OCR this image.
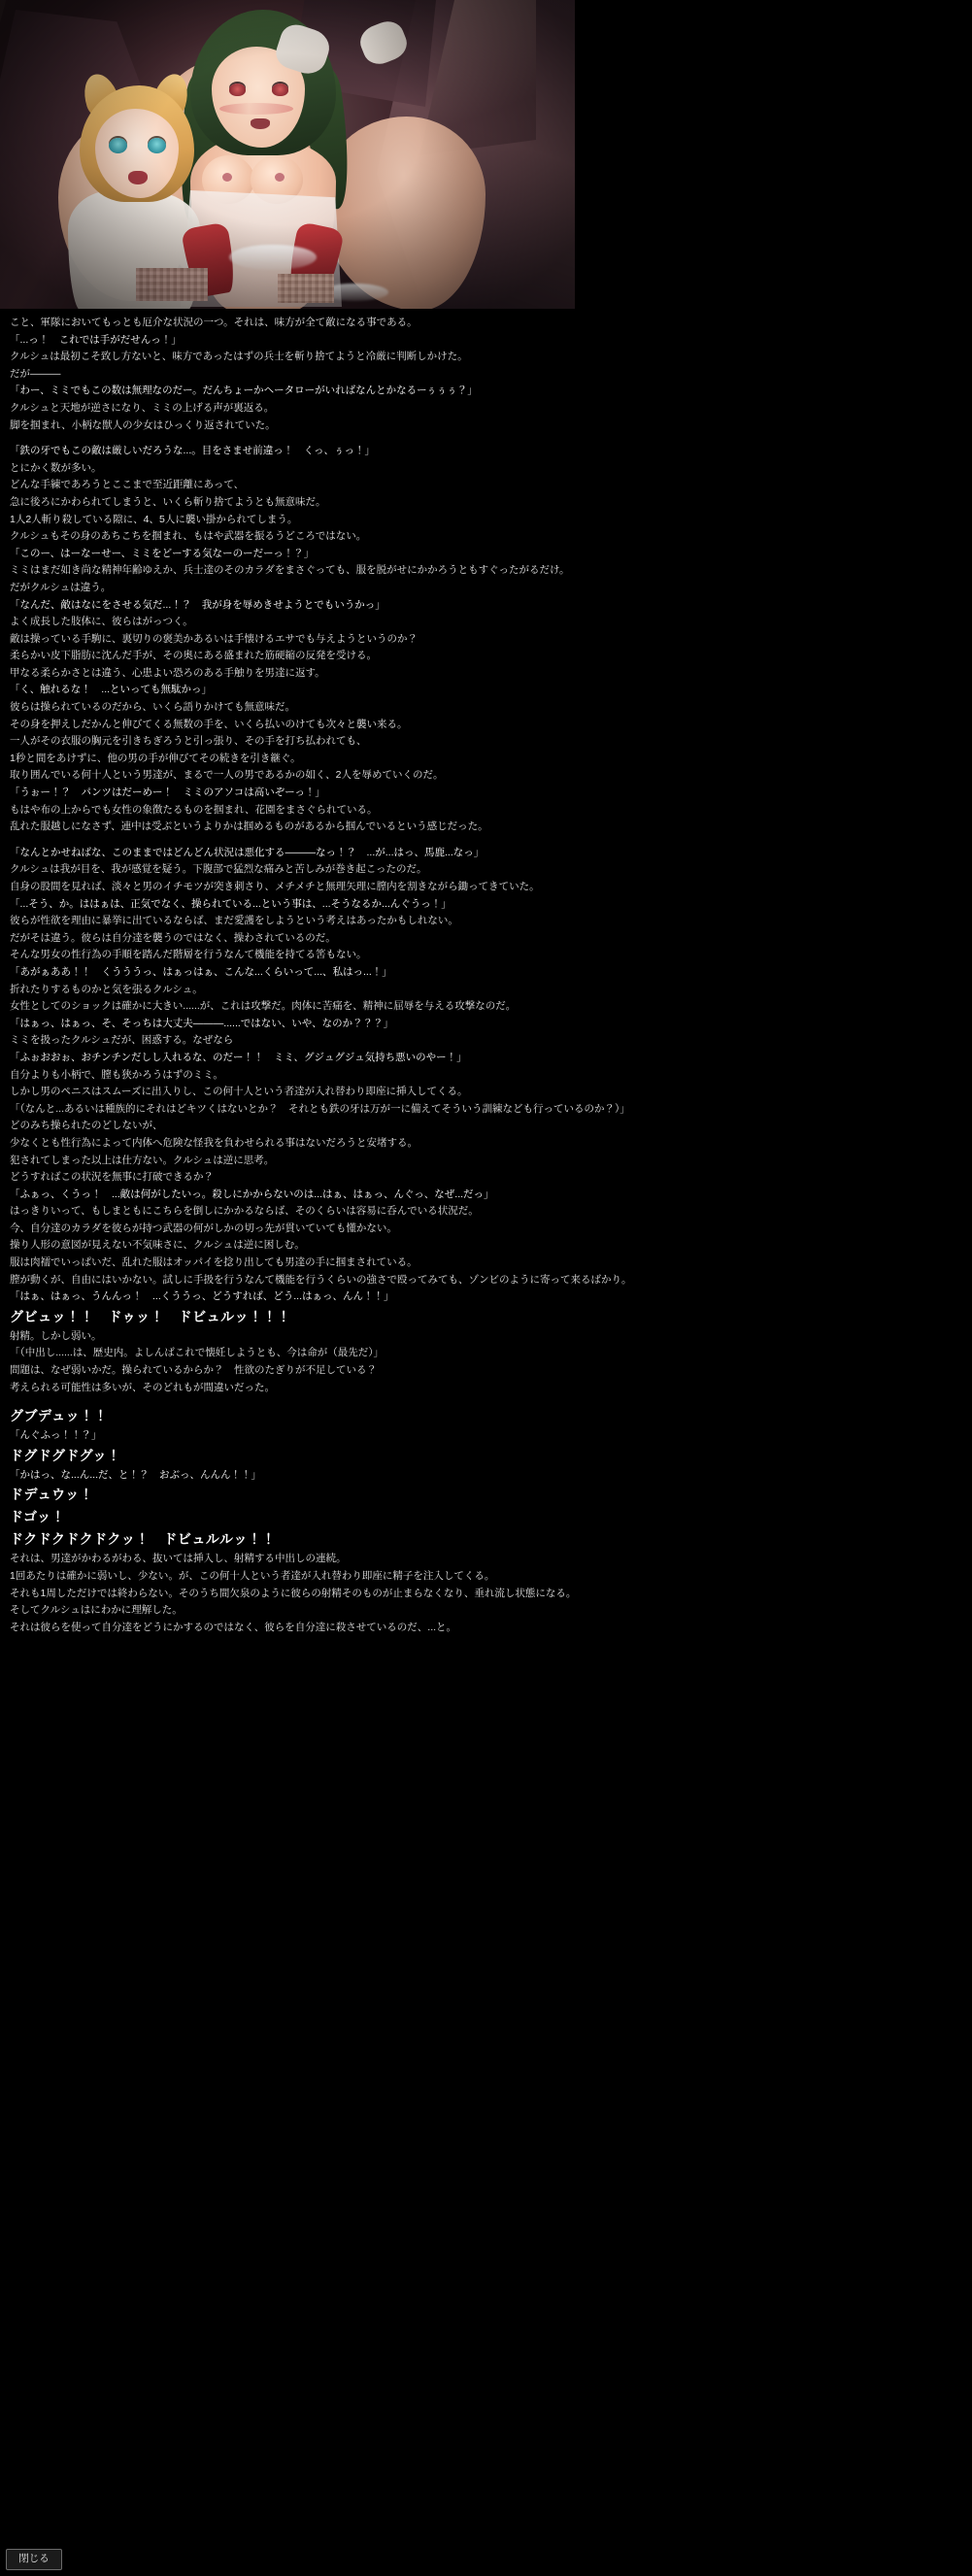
こと、軍隊においてもっとも厄介な状況の一つ。それは、味方が全て敵になる事である。
「...っ！　これでは手がだせんっ！」
クルシュは最初こそ致し方ないと、味方であったはずの兵士を斬り捨てようと冷厳に判断しかけた。
だが———
「わー、ミミでもこの数は無理なのだー。だんちょーかヘータローがいればなんとかなるーぅぅぅ？」
クルシュと天地が逆さになり、ミミの上げる声が裏返る。
脚を掴まれ、小柄な獣人の少女はひっくり返されていた。
「鉄の牙でもこの敵は厳しいだろうな...。目をさませ前違っ！　くっ、ぅっ！」
とにかく数が多い。
どんな手練であろうとここまで至近距離にあって、
急に後ろにかわられてしまうと、いくら斬り捨てようとも無意味だ。
1人2人斬り殺している隙に、4、5人に襲い掛かられてしまう。
クルシュもその身のあちこちを掴まれ、もはや武器を振るうどころではない。
「このー、はーなーせー、ミミをどーする気なーのーだーっ！？」
ミミはまだ如き尚な精神年齢ゆえか、兵士達のそのカラダをまさぐっても、服を脱がせにかかろうともすぐったがるだけ。
だがクルシュは違う。
「なんだ、敵はなにをさせる気だ...！？　我が身を辱めきせようとでもいうかっ」
よく成長した肢体に、彼らはがっつく。
敵は操っている手駒に、裏切りの褒美かあるいは手懐けるエサでも与えようというのか？
柔らかい皮下脂肪に沈んだ手が、その奥にある盛まれた筋硬縮の反発を受ける。
甲なる柔らかさとは違う、心患よい恐ろのある手触りを男達に返す。
「く、触れるな！　...といっても無駄かっ」
彼らは操られているのだから、いくら語りかけても無意味だ。
その身を押えしだかんと伸びてくる無数の手を、いくら払いのけても次々と襲い来る。
一人がその衣服の胸元を引きちぎろうと引っ張り、その手を打ち払われても、
1秒と間をあけずに、他の男の手が伸びてその続きを引き継ぐ。
取り囲んでいる何十人という男達が、まるで一人の男であるかの如く、2人を辱めていくのだ。
「うぉー！？　パンツはだーめー！　ミミのアソコは高いぞーっ！」
もはや布の上からでも女性の象徴たるものを掴まれ、花園をまさぐられている。
乱れた服越しになさず、連中は受ぶというよりかは掴めるものがあるから掴んでいるという感じだった。
「なんとかせねばな、このままではどんどん状況は悪化する———なっ！？　...が...はっ、馬鹿...なっ」
クルシュは我が目を、我が感覚を疑う。下腹部で猛烈な痛みと苦しみが巻き起こったのだ。
自身の股間を見れば、淡々と男のイチモツが突き刺さり、メチメチと無理矢理に膣内を割きながら鋤ってきていた。
「...そう、か。ははぁは、正気でなく、操られている...という事は、...そうなるか...んぐうっ！」
彼らが性欲を理由に暴挙に出ているならば、まだ愛護をしようという考えはあったかもしれない。
だがそは違う。彼らは自分達を襲うのではなく、操わされているのだ。
そんな男女の性行為の手順を踏んだ階層を行うなんて機能を持てる筈もない。
「あがぁああ！！　くうううっ、はぁっはぁ、こんな...くらいって...、私はっ...！」
折れたりするものかと気を張るクルシュ。
女性としてのショックは確かに大きい......が、これは攻撃だ。肉体に苦痛を、精神に屈辱を与える攻撃なのだ。
「はぁっ、はぁっ、そ、そっちは大丈夫———......ではない、いや、なのか？？？」
ミミを扱ったクルシュだが、困惑する。なぜなら
「ふぉおおぉ、おチンチンだしし入れるな、のだー！！　ミミ、グジュグジュ気持ち悪いのやー！」
自分よりも小柄で、膣も狭かろうはずのミミ。
しかし男のペニスはスムーズに出入りし、この何十人という者達が入れ替わり即座に挿入してくる。
「（なんと...あるいは種族的にそれはどキツくはないとか？　それとも鉄の牙は万が一に備えてそういう訓練なども行っているのか？）」
どのみち操られたのどしないが、
少なくとも性行為によって内体へ危険な怪我を負わせられる事はないだろうと安堵する。
犯されてしまった以上は仕方ない。クルシュは逆に思考。
どうすればこの状況を無事に打破できるか？
「ふぁっ、くうっ！　...敵は何がしたいっ。殺しにかからないのは...はぁ、はぁっ、んぐっ、なぜ...だっ」
はっきりいって、もしまともにこちらを倒しにかかるならば、そのくらいは容易に呑んでいる状況だ。
今、自分達のカラダを彼らが持つ武器の何がしかの切っ先が貫いていても懂かない。
操り人形の意図が見えない不気味さに、クルシュは逆に困しむ。
服は肉襦でいっぱいだ、乱れた服はオッパイを捻り出しても男達の手に掴まされている。
膣が動くが、自由にはいかない。試しに手扱を行うなんて機能を行うくらいの強さで殴ってみても、ゾンビのように寄って来るばかり。
「はぁ、はぁっ、うんんっ！　...くううっ、どうすれば、どう...はぁっ、んん！！」
グビュッ！！　ドゥッ！　ドビュルッ！！！
射精。しかし弱い。
「（中出し......は、歴史内。よしんばこれで懐妊しようとも、今は命が（最先だ）」
問題は、なぜ弱いかだ。操られているからか？　性欲のたぎりが不足している？
考えられる可能性は多いが、そのどれもが間違いだった。
グブデュッ！！
「んぐふっ！！？」
ドグドグドグッ！
「かはっ、な...ん...だ、と！？　おぶっ、んんん！！」
ドデュウッ！
ドゴッ！
ドクドクドクドクッ！　ドビュルルッ！！
それは、男達がかわるがわる、抜いては挿入し、射精する中出しの連続。
1回あたりは確かに弱いし、少ない。が、この何十人という者達が入れ替わり即座に精子を注入してくる。
それも1周しただけでは終わらない。そのうち間欠泉のように彼らの射精そのものが止まらなくなり、垂れ流し状態になる。
そしてクルシュはにわかに理解した。
それは彼らを使って自分達をどうにかするのではなく、彼らを自分達に殺させているのだ、...と。
閉じる
